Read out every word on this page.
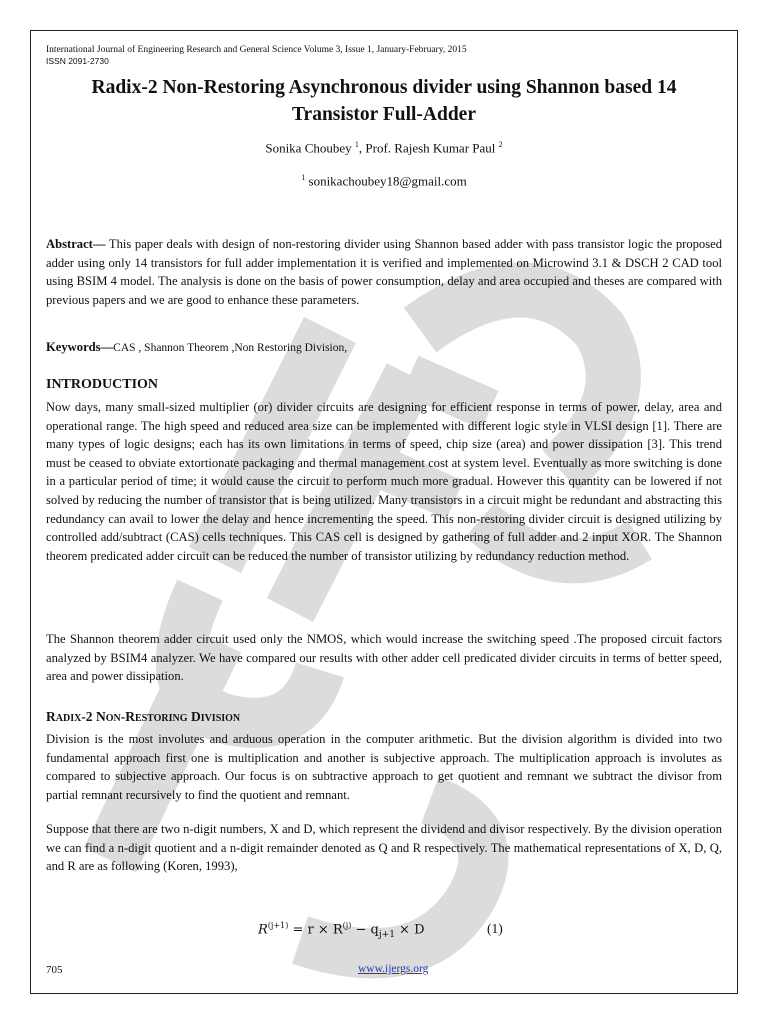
International Journal of Engineering Research and General Science Volume 3, Issue 1, January-February, 2015
ISSN 2091-2730
Radix-2 Non-Restoring Asynchronous divider using Shannon based 14
Transistor Full-Adder
Sonika Choubey $^1$, Prof. Rajesh Kumar Paul $^2$
$^1$ sonikachoubey18@gmail.com
Abstract— This paper deals with design of non-restoring divider using Shannon based adder with pass transistor logic the proposed adder using only 14 transistors for full adder implementation it is verified and implemented on Microwind 3.1 & DSCH 2 CAD tool using BSIM 4 model. The analysis is done on the basis of power consumption, delay and area occupied and theses are compared with previous papers and we are good to enhance these parameters.
Keywords—CAS , Shannon Theorem ,Non Restoring Division,
INTRODUCTION
Now days, many small-sized multiplier (or) divider circuits are designing for efficient response in terms of power, delay, area and operational range. The high speed and reduced area size can be implemented with different logic style in VLSI design [1]. There are many types of logic designs; each has its own limitations in terms of speed, chip size (area) and power dissipation [3]. This trend must be ceased to obviate extortionate packaging and thermal management cost at system level. Eventually as more switching is done in a particular period of time; it would cause the circuit to perform much more gradual. However this quantity can be lowered if not solved by reducing the number of transistor that is being utilized. Many transistors in a circuit might be redundant and abstracting this redundancy can avail to lower the delay and hence incrementing the speed. This non-restoring divider circuit is designed utilizing by controlled add/subtract (CAS) cells techniques. This CAS cell is designed by gathering of full adder and 2 input XOR. The Shannon theorem predicated adder circuit can be reduced the number of transistor utilizing by redundancy reduction method.
The Shannon theorem adder circuit used only the NMOS, which would increase the switching speed .The proposed circuit factors analyzed by BSIM4 analyzer. We have compared our results with other adder cell predicated divider circuits in terms of better speed, area and power dissipation.
RADIX-2 NON-RESTORING DIVISION
Division is the most involutes and arduous operation in the computer arithmetic. But the division algorithm is divided into two fundamental approach first one is multiplication and another is subjective approach. The multiplication approach is involutes as compared to subjective approach. Our focus is on subtractive approach to get quotient and remnant we subtract the divisor from partial remnant recursively to find the quotient and remnant.
Suppose that there are two n-digit numbers, X and D, which represent the dividend and divisor respectively. By the division operation we can find a n-digit quotient and a n-digit remainder denoted as Q and R respectively. The mathematical representations of X, D, Q, and R are as following (Koren, 1993),
$R^{(j+1)} = r \times R^{(j)} - q_{j+1} \times D$	(1)
705	www.ijergs.org
